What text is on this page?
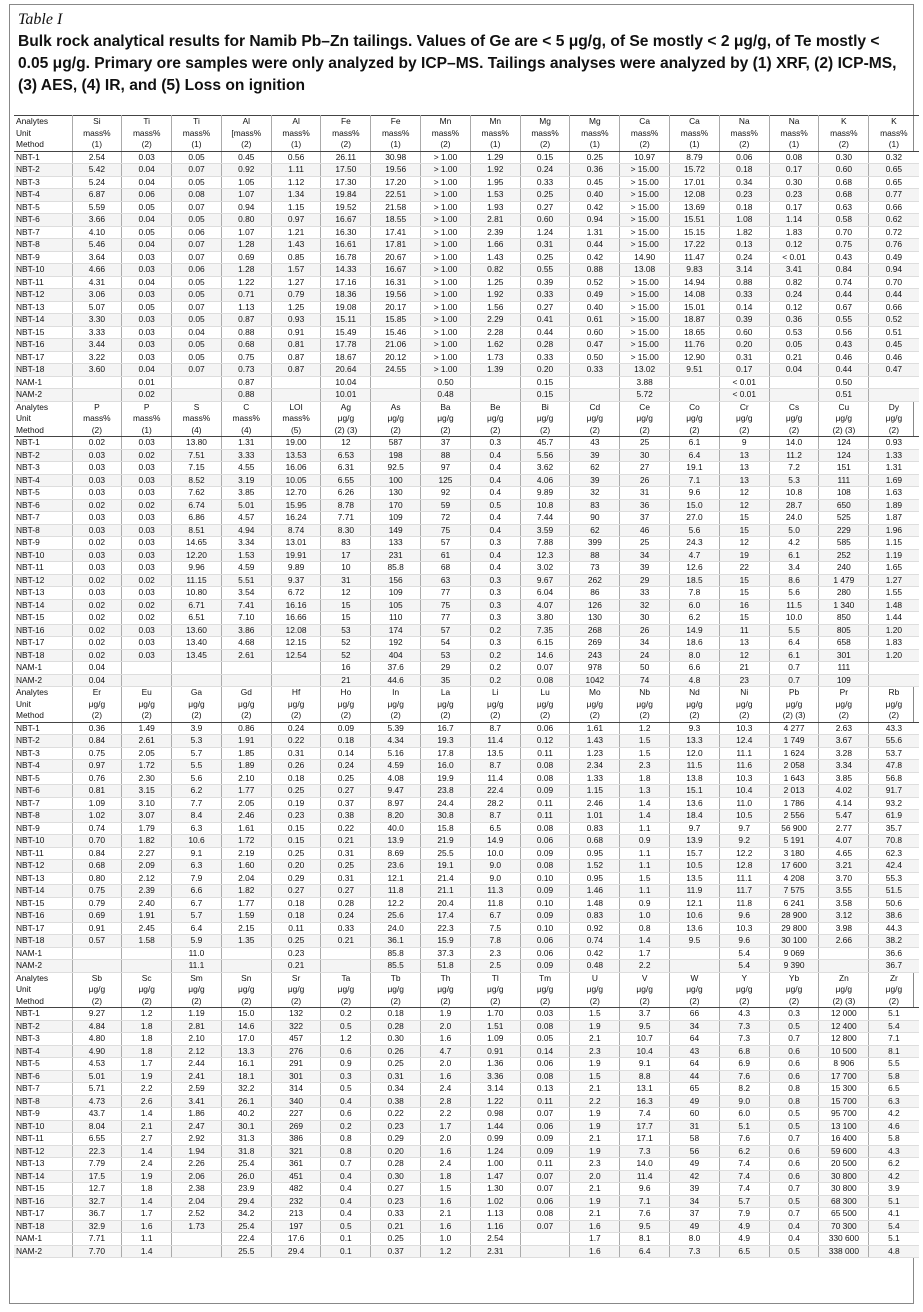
Table I
Bulk rock analytical results for Namib Pb–Zn tailings. Values of Ge are < 5 μg/g, of Se mostly < 2 μg/g, of Te mostly < 0.05 μg/g. Primary ore samples were only analyzed by ICP–MS. Tailings analyses were analyzed by (1) XRF, (2) ICP-MS, (3) AES, (4) IR, and (5) Loss on ignition
Analytes	Si	Ti	Ti	Al	Al	Fe	Fe	Mn	Mn	Mg	Mg	Ca	Ca	Na	Na	K	K
Unit	mass%	mass%	mass%	[mass%	mass%	mass%	mass%	mass%	mass%	mass%	mass%	mass%	mass%	mass%	mass%	mass%	mass%
Method	(1)	(2)	(1)	(2)	(1)	(2)	(1)	(2)	(1)	(2)	(1)	(2)	(1)	(2)	(1)	(2)	(1)
NBT-1	2.54	0.03	0.05	0.45	0.56	26.11	30.98	> 1.00	1.29	0.15	0.25	10.97	8.79	0.06	0.08	0.30	0.32
NBT-2	5.42	0.04	0.07	0.92	1.11	17.50	19.56	> 1.00	1.92	0.24	0.36	> 15.00	15.72	0.18	0.17	0.60	0.65
NBT-3	5.24	0.04	0.05	1.05	1.12	17.30	17.20	> 1.00	1.95	0.33	0.45	> 15.00	17.01	0.34	0.30	0.68	0.65
NBT-4	6.87	0.06	0.08	1.07	1.34	19.84	22.51	> 1.00	1.53	0.25	0.40	> 15.00	12.08	0.23	0.23	0.68	0.77
NBT-5	5.59	0.05	0.07	0.94	1.15	19.52	21.58	> 1.00	1.93	0.27	0.42	> 15.00	13.69	0.18	0.17	0.63	0.66
NBT-6	3.66	0.04	0.05	0.80	0.97	16.67	18.55	> 1.00	2.81	0.60	0.94	> 15.00	15.51	1.08	1.14	0.58	0.62
NBT-7	4.10	0.05	0.06	1.07	1.21	16.30	17.41	> 1.00	2.39	1.24	1.31	> 15.00	15.15	1.82	1.83	0.70	0.72
NBT-8	5.46	0.04	0.07	1.28	1.43	16.61	17.81	> 1.00	1.66	0.31	0.44	> 15.00	17.22	0.13	0.12	0.75	0.76
NBT-9	3.64	0.03	0.07	0.69	0.85	16.78	20.67	> 1.00	1.43	0.25	0.42	14.90	11.47	0.24	< 0.01	0.43	0.49
NBT-10	4.66	0.03	0.06	1.28	1.57	14.33	16.67	> 1.00	0.82	0.55	0.88	13.08	9.83	3.14	3.41	0.84	0.94
NBT-11	4.31	0.04	0.05	1.22	1.27	17.16	16.31	> 1.00	1.25	0.39	0.52	> 15.00	14.94	0.88	0.82	0.74	0.70
NBT-12	3.06	0.03	0.05	0.71	0.79	18.36	19.56	> 1.00	1.92	0.33	0.49	> 15.00	14.08	0.33	0.24	0.44	0.44
NBT-13	5.07	0.05	0.07	1.13	1.25	19.08	20.17	> 1.00	1.56	0.27	0.40	> 15.00	15.01	0.14	0.12	0.67	0.66
NBT-14	3.30	0.03	0.05	0.87	0.93	15.11	15.85	> 1.00	2.29	0.41	0.61	> 15.00	18.87	0.39	0.36	0.55	0.52
NBT-15	3.33	0.03	0.04	0.88	0.91	15.49	15.46	> 1.00	2.28	0.44	0.60	> 15.00	18.65	0.60	0.53	0.56	0.51
NBT-16	3.44	0.03	0.05	0.68	0.81	17.78	21.06	> 1.00	1.62	0.28	0.47	> 15.00	11.76	0.20	0.05	0.43	0.45
NBT-17	3.22	0.03	0.05	0.75	0.87	18.67	20.12	> 1.00	1.73	0.33	0.50	> 15.00	12.90	0.31	0.21	0.46	0.46
NBT-18	3.60	0.04	0.07	0.73	0.87	20.64	24.55	> 1.00	1.39	0.20	0.33	13.02	9.51	0.17	0.04	0.44	0.47
NAM-1		0.01		0.87		10.04		0.50		0.15		3.88		< 0.01		0.50	
NAM-2		0.02		0.88		10.01		0.48		0.15		5.72		< 0.01		0.51	
Analytes	P	P	S	C	LOI	Ag	As	Ba	Be	Bi	Cd	Ce	Co	Cr	Cs	Cu	Dy
Unit	mass%	mass%	mass%	mass%	mass%	μg/g	μg/g	μg/g	μg/g	μg/g	μg/g	μg/g	μg/g	μg/g	μg/g	μg/g	μg/g
Method	(2)	(1)	(4)	(4)	(5)	(2) (3)	(2)	(2)	(2)	(2)	(2)	(2)	(2)	(2)	(2)	(2) (3)	(2)
NBT-1	0.02	0.03	13.80	1.31	19.00	12	587	37	0.3	45.7	43	25	6.1	9	14.0	124	0.93
NBT-2	0.03	0.02	7.51	3.33	13.53	6.53	198	88	0.4	5.56	39	30	6.4	13	11.2	124	1.33
NBT-3	0.03	0.03	7.15	4.55	16.06	6.31	92.5	97	0.4	3.62	62	27	19.1	13	7.2	151	1.31
NBT-4	0.03	0.03	8.52	3.19	10.05	6.55	100	125	0.4	4.06	39	26	7.1	13	5.3	111	1.69
NBT-5	0.03	0.03	7.62	3.85	12.70	6.26	130	92	0.4	9.89	32	31	9.6	12	10.8	108	1.63
NBT-6	0.02	0.02	6.74	5.01	15.95	8.78	170	59	0.5	10.8	83	36	15.0	12	28.7	650	1.89
NBT-7	0.03	0.03	6.86	4.57	16.24	7.71	109	72	0.4	7.44	90	37	27.0	15	24.0	525	1.87
NBT-8	0.03	0.03	8.51	4.94	8.74	8.30	149	75	0.4	3.59	62	46	5.6	15	5.0	229	1.96
NBT-9	0.02	0.03	14.65	3.34	13.01	83	133	57	0.3	7.88	399	25	24.3	12	4.2	585	1.15
NBT-10	0.03	0.03	12.20	1.53	19.91	17	231	61	0.4	12.3	88	34	4.7	19	6.1	252	1.19
NBT-11	0.03	0.03	9.96	4.59	9.89	10	85.8	68	0.4	3.02	73	39	12.6	22	3.4	240	1.65
NBT-12	0.02	0.02	11.15	5.51	9.37	31	156	63	0.3	9.67	262	29	18.5	15	8.6	1 479	1.27
NBT-13	0.03	0.03	10.80	3.54	6.72	12	109	77	0.3	6.04	86	33	7.8	15	5.6	280	1.55
NBT-14	0.02	0.02	6.71	7.41	16.16	15	105	75	0.3	4.07	126	32	6.0	16	11.5	1 340	1.48
NBT-15	0.02	0.02	6.51	7.10	16.66	15	110	77	0.3	3.80	130	30	6.2	15	10.0	850	1.44
NBT-16	0.02	0.03	13.60	3.86	12.08	53	174	57	0.2	7.35	268	26	14.9	11	5.5	805	1.20
NBT-17	0.02	0.03	13.40	4.68	12.15	52	192	54	0.3	6.15	269	34	18.6	13	6.4	658	1.83
NBT-18	0.02	0.03	13.45	2.61	12.54	52	404	53	0.2	14.6	243	24	8.0	12	6.1	301	1.20
NAM-1	0.04					16	37.6	29	0.2	0.07	978	50	6.6	21	0.7	111	
NAM-2	0.04					21	44.6	35	0.2	0.08	1042	74	4.8	23	0.7	109	
Analytes	Er	Eu	Ga	Gd	Hf	Ho	In	La	Li	Lu	Mo	Nb	Nd	Ni	Pb	Pr	Rb
Unit	μg/g	μg/g	μg/g	μg/g	μg/g	μg/g	μg/g	μg/g	μg/g	μg/g	μg/g	μg/g	μg/g	μg/g	μg/g	μg/g	μg/g
Method	(2)	(2)	(2)	(2)	(2)	(2)	(2)	(2)	(2)	(2)	(2)	(2)	(2)	(2)	(2) (3)	(2)	(2)
NBT-1	0.36	1.49	3.9	0.86	0.24	0.09	5.39	16.7	8.7	0.06	1.61	1.2	9.3	10.3	4 277	2.63	43.3
NBT-2	0.84	2.61	5.3	1.91	0.22	0.18	4.34	19.3	11.4	0.12	1.43	1.5	13.3	12.4	1 749	3.67	55.6
NBT-3	0.75	2.05	5.7	1.85	0.31	0.14	5.16	17.8	13.5	0.11	1.23	1.5	12.0	11.1	1 624	3.28	53.7
NBT-4	0.97	1.72	5.5	1.89	0.26	0.24	4.59	16.0	8.7	0.08	2.34	2.3	11.5	11.6	2 058	3.34	47.8
NBT-5	0.76	2.30	5.6	2.10	0.18	0.25	4.08	19.9	11.4	0.08	1.33	1.8	13.8	10.3	1 643	3.85	56.8
NBT-6	0.81	3.15	6.2	1.77	0.25	0.27	9.47	23.8	22.4	0.09	1.15	1.3	15.1	10.4	2 013	4.02	91.7
NBT-7	1.09	3.10	7.7	2.05	0.19	0.37	8.97	24.4	28.2	0.11	2.46	1.4	13.6	11.0	1 786	4.14	93.2
NBT-8	1.02	3.07	8.4	2.46	0.23	0.38	8.20	30.8	8.7	0.11	1.01	1.4	18.4	10.5	2 556	5.47	61.9
NBT-9	0.74	1.79	6.3	1.61	0.15	0.22	40.0	15.8	6.5	0.08	0.83	1.1	9.7	9.7	56 900	2.77	35.7
NBT-10	0.70	1.82	10.6	1.72	0.15	0.21	13.9	21.9	14.9	0.06	0.68	0.9	13.9	9.2	5 191	4.07	70.8
NBT-11	0.84	2.27	9.1	2.19	0.25	0.31	8.69	25.5	10.0	0.09	0.95	1.1	15.7	12.2	3 180	4.65	62.3
NBT-12	0.68	2.09	6.3	1.60	0.20	0.25	23.6	19.1	9.0	0.08	1.52	1.1	10.5	12.8	17 600	3.21	42.4
NBT-13	0.80	2.12	7.9	2.04	0.29	0.31	12.1	21.4	9.0	0.10	0.95	1.5	13.5	11.1	4 208	3.70	55.3
NBT-14	0.75	2.39	6.6	1.82	0.27	0.27	11.8	21.1	11.3	0.09	1.46	1.1	11.9	11.7	7 575	3.55	51.5
NBT-15	0.79	2.40	6.7	1.77	0.18	0.28	12.2	20.4	11.8	0.10	1.48	0.9	12.1	11.8	6 241	3.58	50.6
NBT-16	0.69	1.91	5.7	1.59	0.18	0.24	25.6	17.4	6.7	0.09	0.83	1.0	10.6	9.6	28 900	3.12	38.6
NBT-17	0.91	2.45	6.4	2.15	0.11	0.33	24.0	22.3	7.5	0.10	0.92	0.8	13.6	10.3	29 800	3.98	44.3
NBT-18	0.57	1.58	5.9	1.35	0.25	0.21	36.1	15.9	7.8	0.06	0.74	1.4	9.5	9.6	30 100	2.66	38.2
NAM-1			11.0		0.23		85.8	37.3	2.3	0.06	0.42	1.7		5.4	9 069		36.6
NAM-2			11.1		0.21		85.5	51.8	2.5	0.09	0.48	2.2		5.4	9 390		36.7
Analytes	Sb	Sc	Sm	Sn	Sr	Ta	Tb	Th	Tl	Tm	U	V	W	Y	Yb	Zn	Zr
Unit	μg/g	μg/g	μg/g	μg/g	μg/g	μg/g	μg/g	μg/g	μg/g	μg/g	μg/g	μg/g	μg/g	μg/g	μg/g	μg/g	μg/g
Method	(2)	(2)	(2)	(2)	(2)	(2)	(2)	(2)	(2)	(2)	(2)	(2)	(2)	(2)	(2)	(2) (3)	(2)
NBT-1	9.27	1.2	1.19	15.0	132	0.2	0.18	1.9	1.70	0.03	1.5	3.7	66	4.3	0.3	12 000	5.1
NBT-2	4.84	1.8	2.81	14.6	322	0.5	0.28	2.0	1.51	0.08	1.9	9.5	34	7.3	0.5	12 400	5.4
NBT-3	4.80	1.8	2.10	17.0	457	1.2	0.30	1.6	1.09	0.05	2.1	10.7	64	7.3	0.7	12 800	7.1
NBT-4	4.90	1.8	2.12	13.3	276	0.6	0.26	4.7	0.91	0.14	2.3	10.4	43	6.8	0.6	10 500	8.1
NBT-5	4.53	1.7	2.44	16.1	291	0.9	0.25	2.0	1.36	0.06	1.9	9.1	64	6.9	0.6	8 906	5.5
NBT-6	5.01	1.9	2.41	18.1	301	0.3	0.31	1.6	3.36	0.08	1.5	8.8	44	7.6	0.6	17 700	5.8
NBT-7	5.71	2.2	2.59	32.2	314	0.5	0.34	2.4	3.14	0.13	2.1	13.1	65	8.2	0.8	15 300	6.5
NBT-8	4.73	2.6	3.41	26.1	340	0.4	0.38	2.8	1.22	0.11	2.2	16.3	49	9.0	0.8	15 700	6.3
NBT-9	43.7	1.4	1.86	40.2	227	0.6	0.22	2.2	0.98	0.07	1.9	7.4	60	6.0	0.5	95 700	4.2
NBT-10	8.04	2.1	2.47	30.1	269	0.2	0.23	1.7	1.44	0.06	1.9	17.7	31	5.1	0.5	13 100	4.6
NBT-11	6.55	2.7	2.92	31.3	386	0.8	0.29	2.0	0.99	0.09	2.1	17.1	58	7.6	0.7	16 400	5.8
NBT-12	22.3	1.4	1.94	31.8	321	0.8	0.20	1.6	1.24	0.09	1.9	7.3	56	6.2	0.6	59 600	4.3
NBT-13	7.79	2.4	2.26	25.4	361	0.7	0.28	2.4	1.00	0.11	2.3	14.0	49	7.4	0.6	20 500	6.2
NBT-14	17.5	1.9	2.06	26.0	451	0.4	0.30	1.8	1.47	0.07	2.0	11.4	42	7.4	0.6	30 800	4.2
NBT-15	12.7	1.8	2.38	23.9	482	0.4	0.27	1.5	1.30	0.07	2.1	9.6	39	7.4	0.7	30 800	3.9
NBT-16	32.7	1.4	2.04	29.4	232	0.4	0.23	1.6	1.02	0.06	1.9	7.1	34	5.7	0.5	68 300	5.1
NBT-17	36.7	1.7	2.52	34.2	213	0.4	0.33	2.1	1.13	0.08	2.1	7.6	37	7.9	0.7	65 500	4.1
NBT-18	32.9	1.6	1.73	25.4	197	0.5	0.21	1.6	1.16	0.07	1.6	9.5	49	4.9	0.4	70 300	5.4
NAM-1	7.71	1.1		22.4	17.6	0.1	0.25	1.0	2.54		1.7	8.1	8.0	4.9	0.4	330 600	5.1
NAM-2	7.70	1.4		25.5	29.4	0.1	0.37	1.2	2.31		1.6	6.4	7.3	6.5	0.5	338 000	4.8
